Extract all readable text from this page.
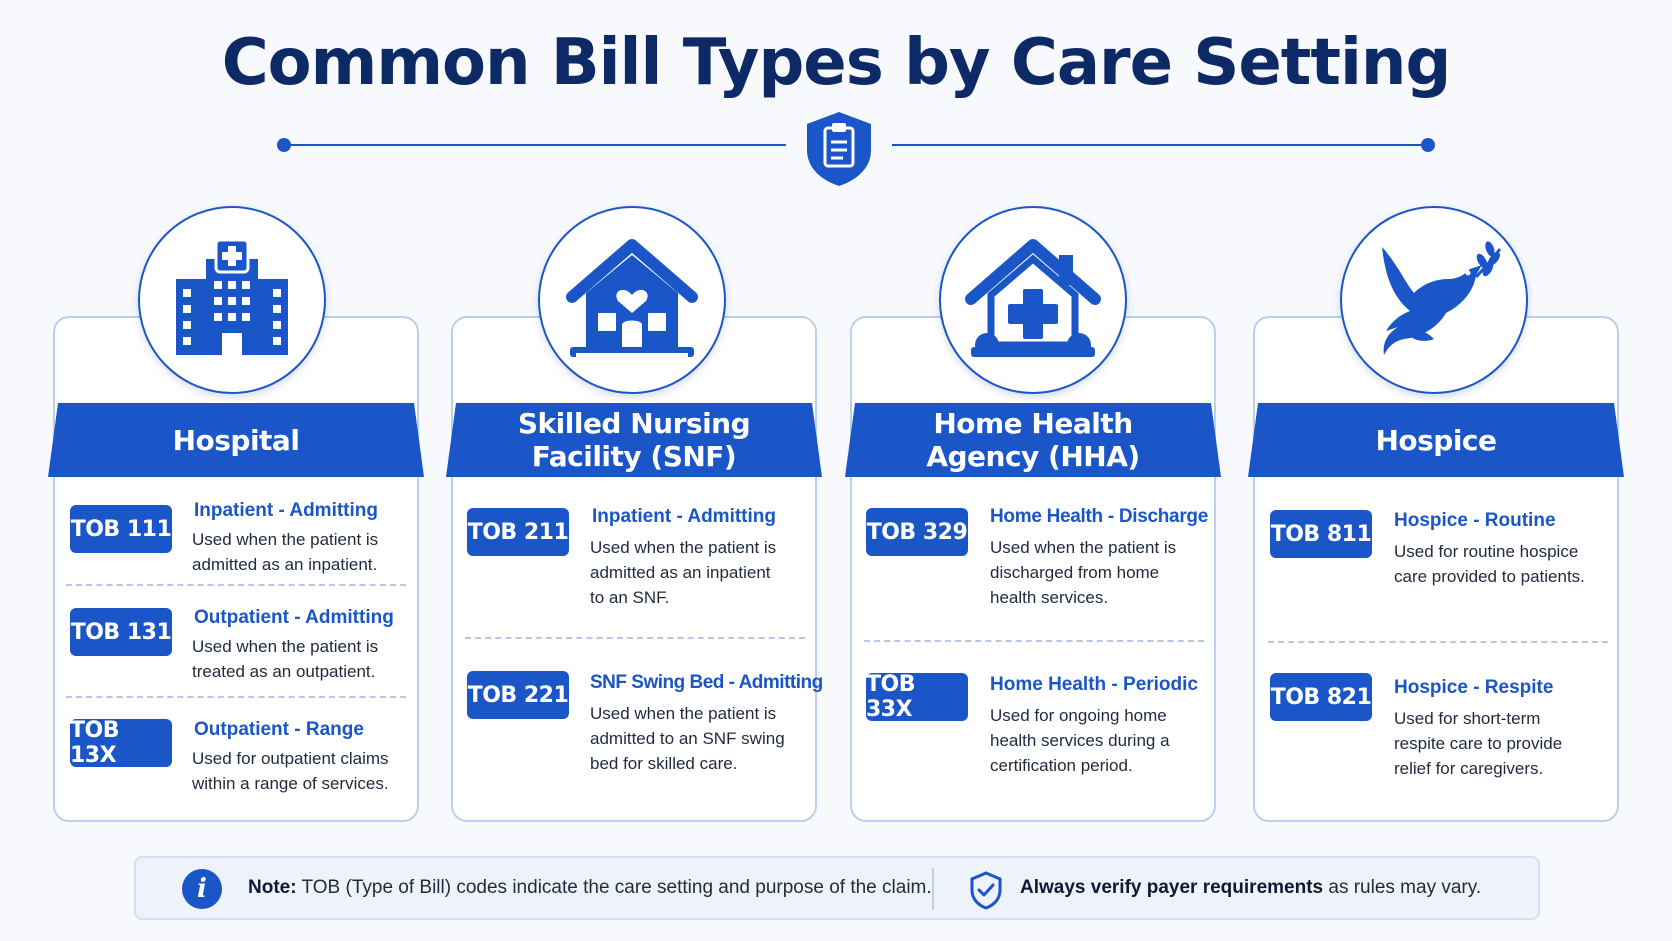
Common Bill Types by Care Setting
Hospital
TOB 111
Inpatient - Admitting
Used when the patient is
admitted as an inpatient.
TOB 131
Outpatient - Admitting
Used when the patient is
treated as an outpatient.
TOB 13X
Outpatient - Range
Used for outpatient claims
within a range of services.
Skilled Nursing
Facility (SNF)
TOB 211
Inpatient - Admitting
Used when the patient is
admitted as an inpatient
to an SNF.
TOB 221 SNF Swing Bed - Admitting
Used when the patient is
admitted to an SNF swing
bed for skilled care.
Home Health
Agency (HHA)
TOB 329
Home Health - Discharge
Used when the patient is
discharged from home
health services.
TOB 33X
Home Health - Periodic
Used for ongoing home
health services during a
certification period.
Hospice
TOB 811
Hospice - Routine
Used for routine hospice
care provided to patients.
TOB 821 Hospice - Respite
Used for short-term
respite care to provide
relief for caregivers.
i	Note: TOB (Type of Bill) codes indicate the care setting and purpose of the claim.	Always verify payer requirements as rules may vary.
